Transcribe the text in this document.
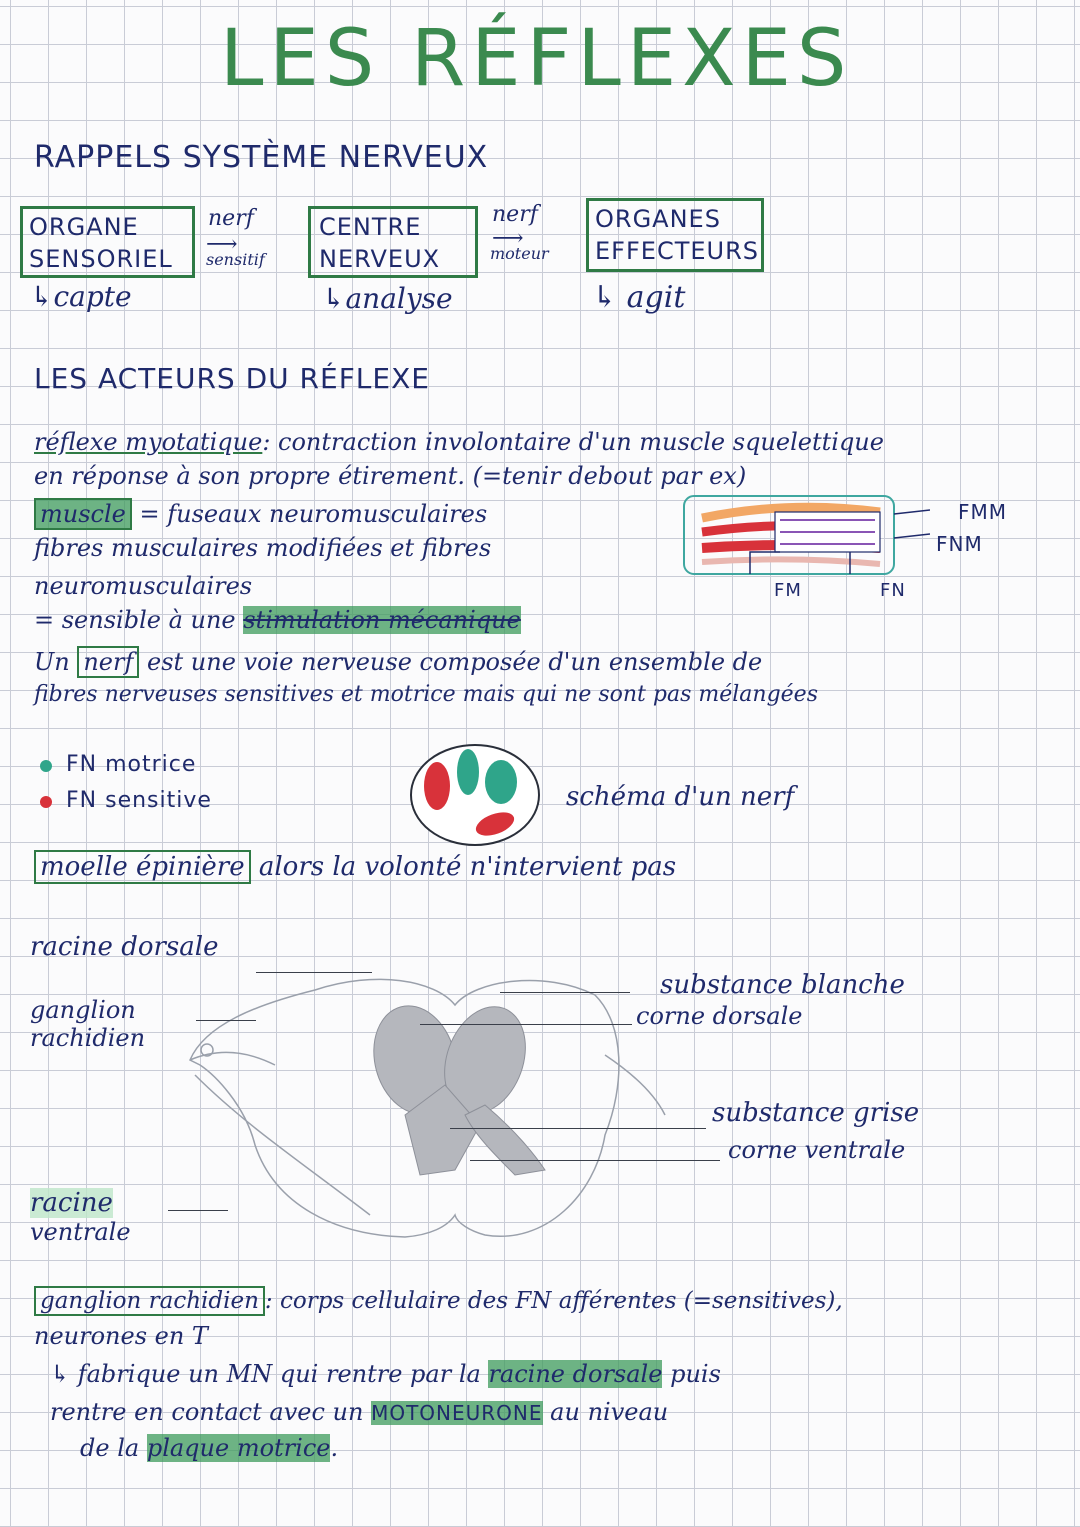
LES RÉFLEXES
RAPPELS SYSTÈME NERVEUX
ORGANE
SENSORIEL
↳capte
nerf
⟶
sensitif
CENTRE
NERVEUX
↳analyse
nerf
⟶
moteur
ORGANES
EFFECTEURS
↳ agit
LES ACTEURS DU RÉFLEXE
réflexe myotatique: contraction involontaire d'un muscle squelettique
en réponse à son propre étirement. (=tenir debout par ex)
muscle = fuseaux neuromusculaires
fibres musculaires modifiées et fibres
neuromusculaires
= sensible à une stimulation mécanique
FMM
FNM
FM	FN
Un nerf est une voie nerveuse composée d'un ensemble de
fibres nerveuses sensitives et motrice mais qui ne sont pas mélangées
FN motrice
FN sensitive	schéma d'un nerf
moelle épinière alors la volonté n'intervient pas
racine dorsale
ganglion
rachidien
racine
ventrale
substance blanche
corne dorsale
substance grise
corne ventrale
ganglion rachidien : corps cellulaire des FN afférentes (=sensitives),
neurones en T
↳ fabrique un MN qui rentre par la racine dorsale puis
rentre en contact avec un MOTONEURONE au niveau
de la plaque motrice.
